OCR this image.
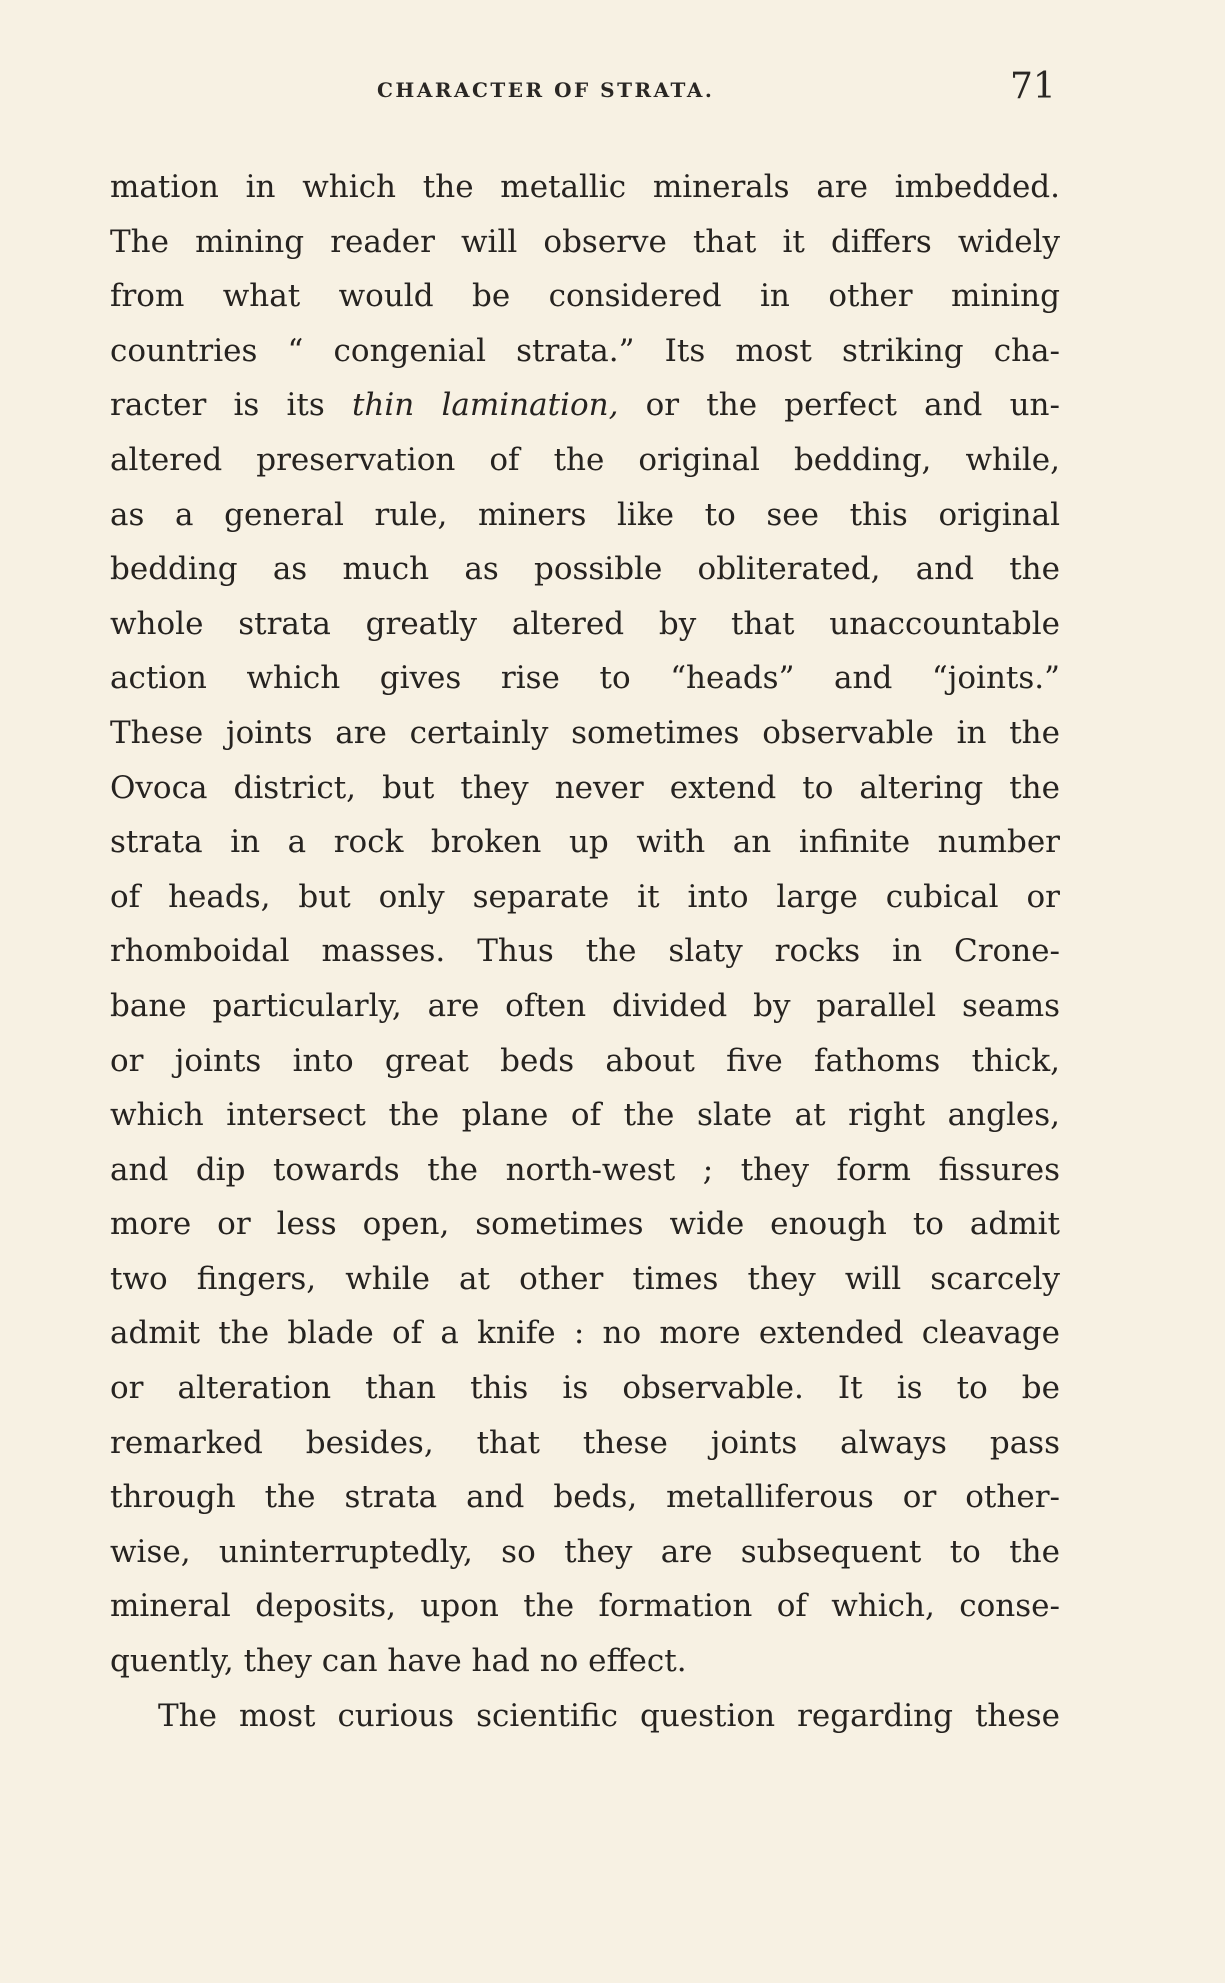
CHARACTER OF STRATA.	71
mation in which the metallic minerals are imbedded.
The mining reader will observe that it differs widely
from what would be considered in other mining
countries “ congenial strata.” Its most striking cha-
racter is its thin lamination, or the perfect and un-
altered preservation of the original bedding, while,
as a general rule, miners like to see this original
bedding as much as possible obliterated, and the
whole strata greatly altered by that unaccountable
action which gives rise to “heads” and “joints.”
These joints are certainly sometimes observable in the
Ovoca district, but they never extend to altering the
strata in a rock broken up with an infinite number
of heads, but only separate it into large cubical or
rhomboidal masses. Thus the slaty rocks in Crone-
bane particularly, are often divided by parallel seams
or joints into great beds about five fathoms thick,
which intersect the plane of the slate at right angles,
and dip towards the north-west ; they form fissures
more or less open, sometimes wide enough to admit
two fingers, while at other times they will scarcely
admit the blade of a knife : no more extended cleavage
or alteration than this is observable. It is to be
remarked besides, that these joints always pass
through the strata and beds, metalliferous or other-
wise, uninterruptedly, so they are subsequent to the
mineral deposits, upon the formation of which, conse-
quently, they can have had no effect.
The most curious scientific question regarding these
